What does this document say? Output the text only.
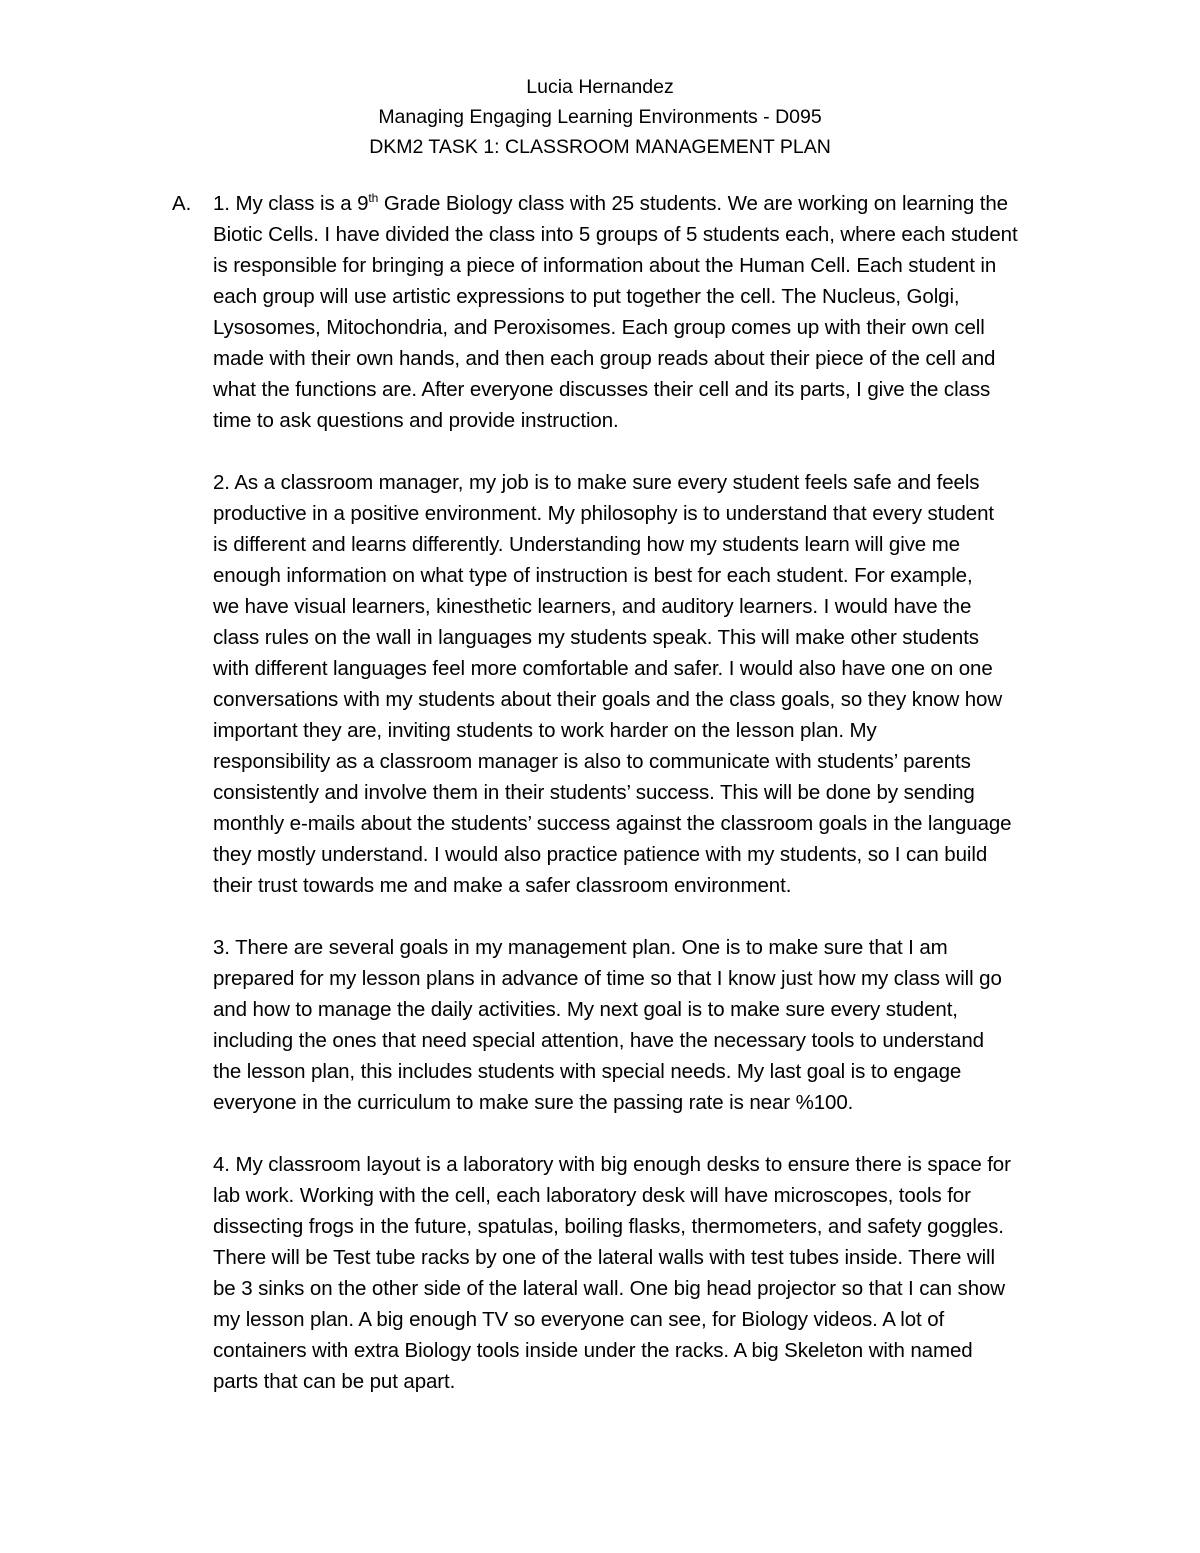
Lucia Hernandez
Managing Engaging Learning Environments - D095
DKM2 TASK 1: CLASSROOM MANAGEMENT PLAN
A. 1. My class is a 9th Grade Biology class with 25 students. We are working on learning the
Biotic Cells. I have divided the class into 5 groups of 5 students each, where each student
is responsible for bringing a piece of information about the Human Cell. Each student in
each group will use artistic expressions to put together the cell. The Nucleus, Golgi,
Lysosomes, Mitochondria, and Peroxisomes. Each group comes up with their own cell
made with their own hands, and then each group reads about their piece of the cell and
what the functions are. After everyone discusses their cell and its parts, I give the class
time to ask questions and provide instruction.
2. As a classroom manager, my job is to make sure every student feels safe and feels
productive in a positive environment. My philosophy is to understand that every student
is different and learns differently. Understanding how my students learn will give me
enough information on what type of instruction is best for each student. For example,
we have visual learners, kinesthetic learners, and auditory learners. I would have the
class rules on the wall in languages my students speak. This will make other students
with different languages feel more comfortable and safer. I would also have one on one
conversations with my students about their goals and the class goals, so they know how
important they are, inviting students to work harder on the lesson plan. My
responsibility as a classroom manager is also to communicate with students’ parents
consistently and involve them in their students’ success. This will be done by sending
monthly e-mails about the students’ success against the classroom goals in the language
they mostly understand. I would also practice patience with my students, so I can build
their trust towards me and make a safer classroom environment.
3. There are several goals in my management plan. One is to make sure that I am
prepared for my lesson plans in advance of time so that I know just how my class will go
and how to manage the daily activities. My next goal is to make sure every student,
including the ones that need special attention, have the necessary tools to understand
the lesson plan, this includes students with special needs. My last goal is to engage
everyone in the curriculum to make sure the passing rate is near %100.
4. My classroom layout is a laboratory with big enough desks to ensure there is space for
lab work. Working with the cell, each laboratory desk will have microscopes, tools for
dissecting frogs in the future, spatulas, boiling flasks, thermometers, and safety goggles.
There will be Test tube racks by one of the lateral walls with test tubes inside. There will
be 3 sinks on the other side of the lateral wall. One big head projector so that I can show
my lesson plan. A big enough TV so everyone can see, for Biology videos. A lot of
containers with extra Biology tools inside under the racks. A big Skeleton with named
parts that can be put apart.
